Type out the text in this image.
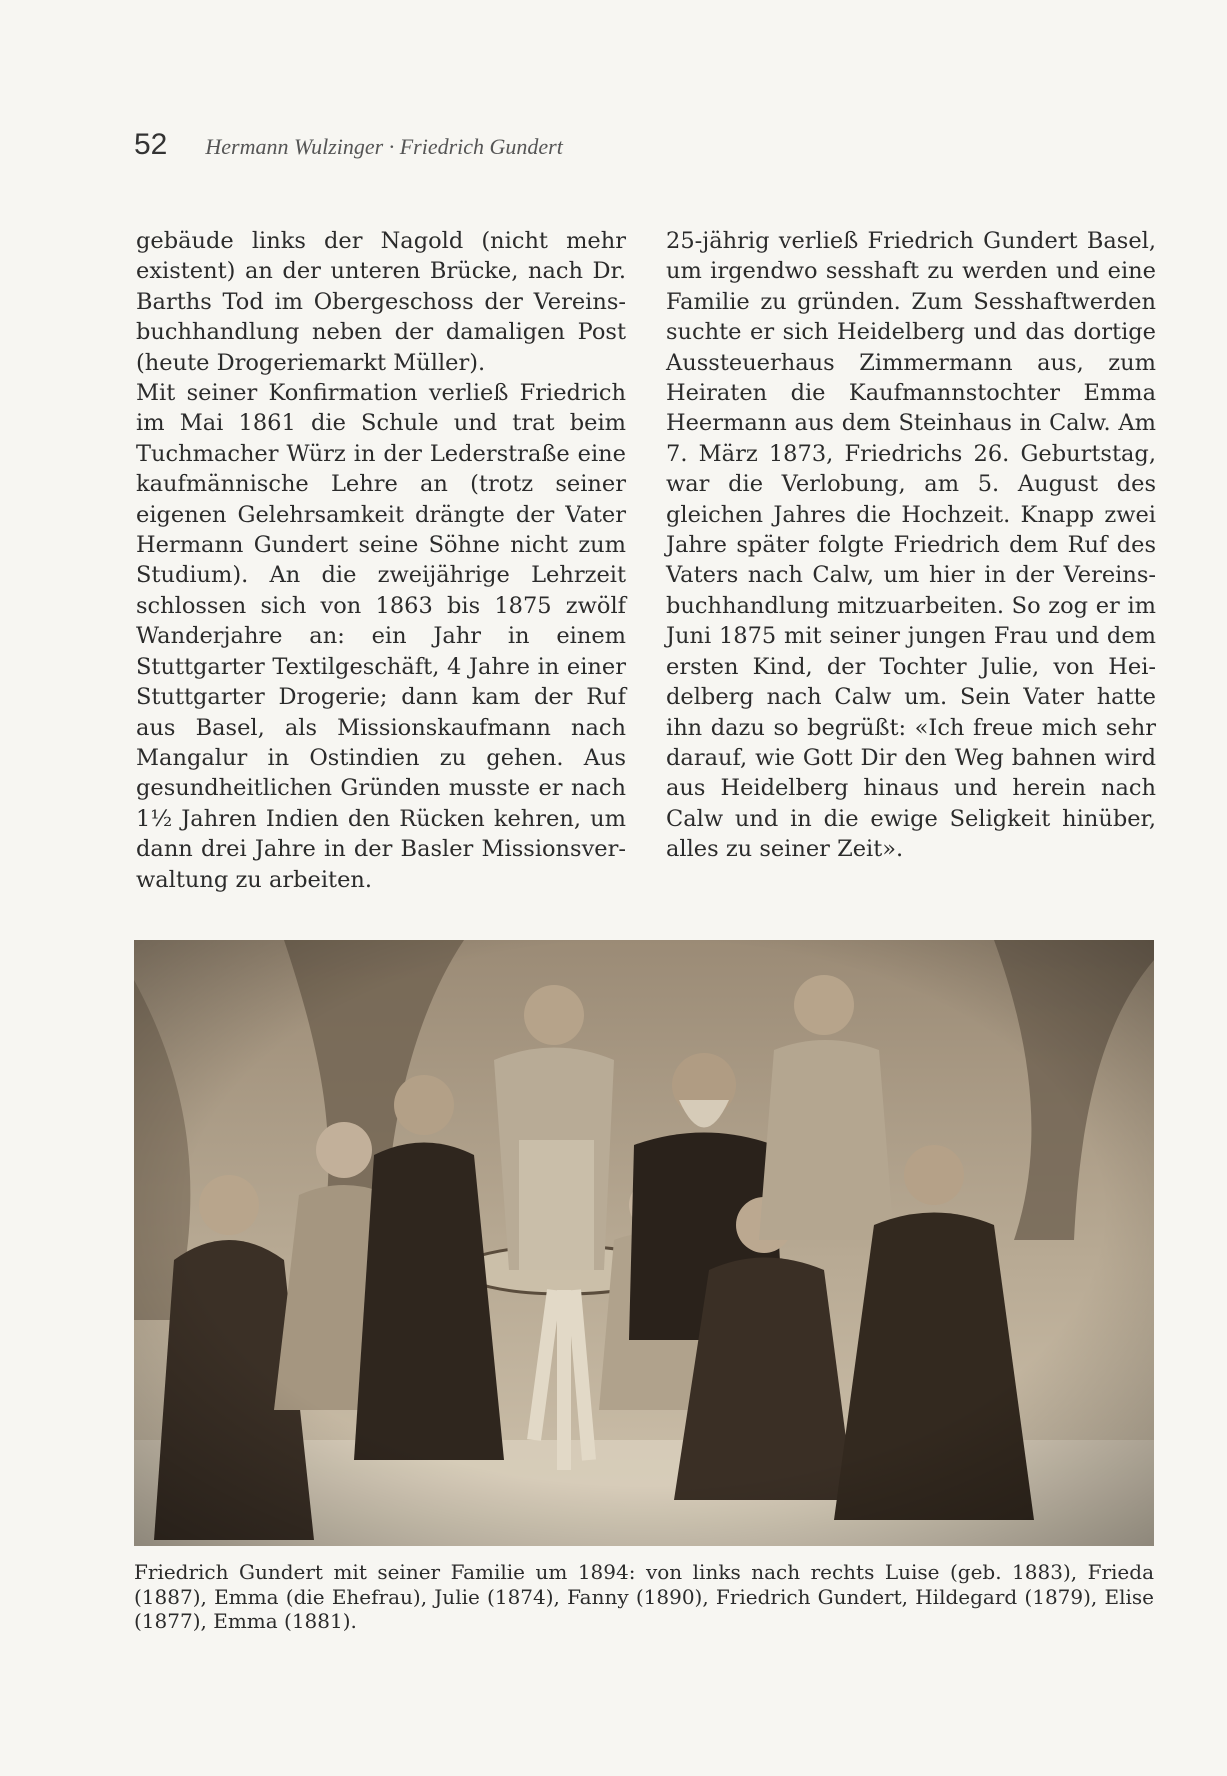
52 Hermann Wulzinger · Friedrich Gundert

gebäude links der Nagold (nicht mehr existent) an der unteren Brücke, nach Dr. Barths Tod im Obergeschoss der Vereinsbuchhandlung neben der damaligen Post (heute Drogeriemarkt Müller).

Mit seiner Konfirmation verließ Friedrich im Mai 1861 die Schule und trat beim Tuchmacher Würz in der Lederstraße eine kaufmännische Lehre an (trotz seiner eigenen Gelehrsamkeit drängte der Vater Hermann Gundert seine Söhne nicht zum Studium). An die zweijährige Lehrzeit schlossen sich von 1863 bis 1875 zwölf Wanderjahre an: ein Jahr in einem Stuttgarter Textilgeschäft, 4 Jahre in einer Stuttgarter Drogerie; dann kam der Ruf aus Basel, als Missionskaufmann nach Mangalur in Ostindien zu gehen. Aus gesundheitlichen Gründen musste er nach 1½ Jahren Indien den Rücken kehren, um dann drei Jahre in der Basler Missionsverwaltung zu arbeiten.

25-jährig verließ Friedrich Gundert Basel, um irgendwo sesshaft zu werden und eine Familie zu gründen. Zum Sesshaftwerden suchte er sich Heidelberg und das dortige Aussteuerhaus Zimmermann aus, zum Heiraten die Kaufmannstochter Emma Heermann aus dem Steinhaus in Calw. Am 7. März 1873, Friedrichs 26. Geburtstag, war die Verlobung, am 5. August des gleichen Jahres die Hochzeit. Knapp zwei Jahre später folgte Friedrich dem Ruf des Vaters nach Calw, um hier in der Vereinsbuchhandlung mitzuarbeiten. So zog er im Juni 1875 mit seiner jungen Frau und dem ersten Kind, der Tochter Julie, von Heidelberg nach Calw um. Sein Vater hatte ihn dazu so begrüßt: «Ich freue mich sehr darauf, wie Gott Dir den Weg bahnen wird aus Heidelberg hinaus und herein nach Calw und in die ewige Seligkeit hinüber, alles zu seiner Zeit».

Friedrich Gundert mit seiner Familie um 1894: von links nach rechts Luise (geb. 1883), Frieda (1887), Emma (die Ehefrau), Julie (1874), Fanny (1890), Friedrich Gundert, Hildegard (1879), Elise (1877), Emma (1881).
